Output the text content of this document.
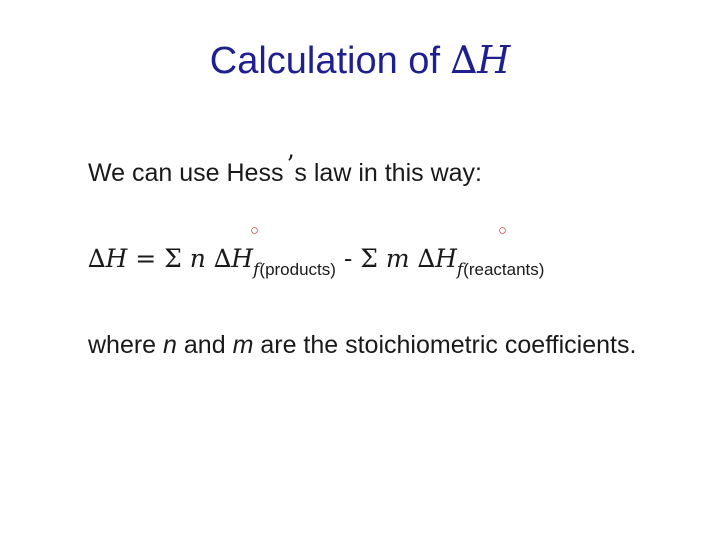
Calculation of ∆H
We can use Hess ’s law in this way:
∆H = Σ n $\Delta H_{f(products)}$ - Σ m $\Delta H_{f(reactants)}$
○	○
where n and m are the stoichiometric coefficients.
